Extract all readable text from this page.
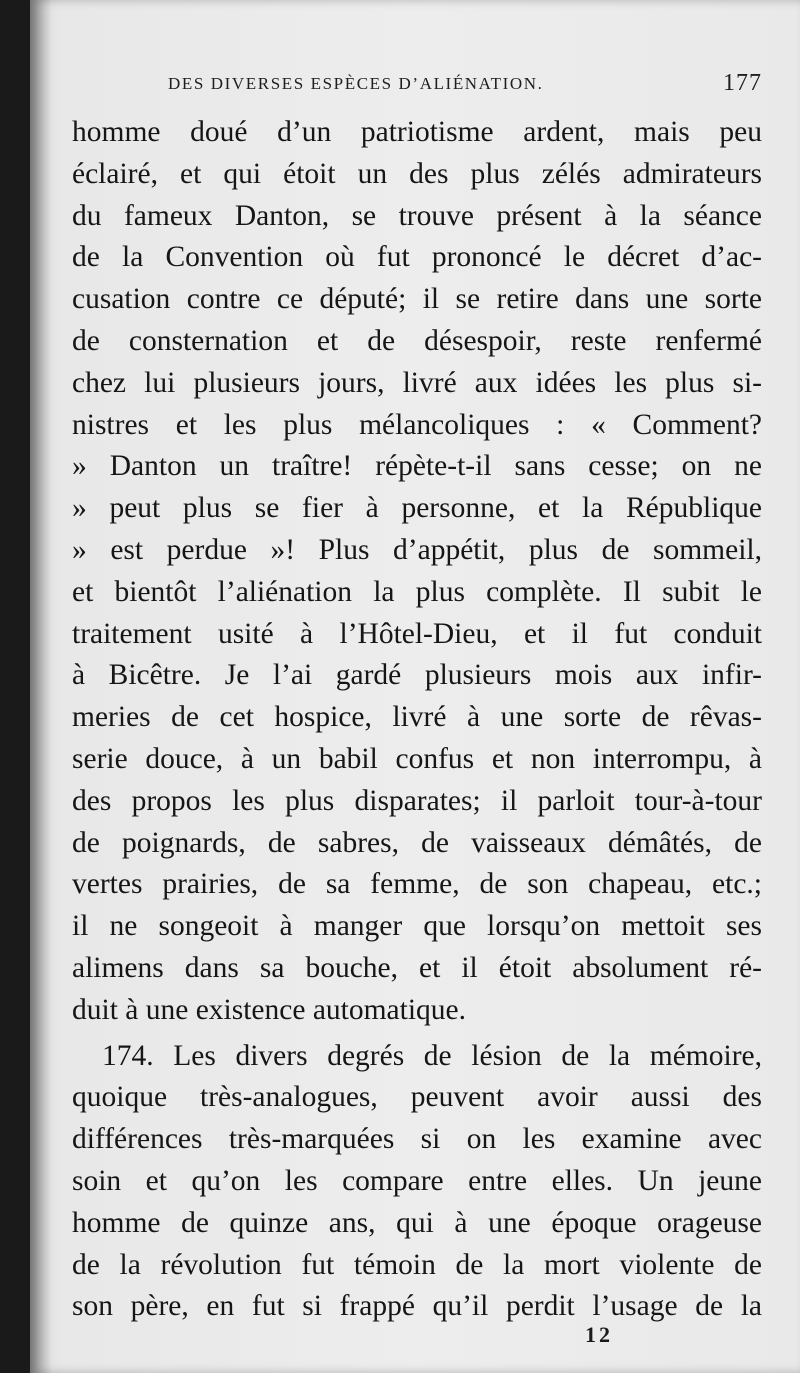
DES DIVERSES ESPÈCES D’ALIÉNATION.	177
homme doué d’un patriotisme ardent, mais peu
éclairé, et qui étoit un des plus zélés admirateurs
du fameux Danton, se trouve présent à la séance
de la Convention où fut prononcé le décret d’ac-
cusation contre ce député; il se retire dans une sorte
de consternation et de désespoir, reste renfermé
chez lui plusieurs jours, livré aux idées les plus si-
nistres et les plus mélancoliques : « Comment?
» Danton un traître! répète-t-il sans cesse; on ne
» peut plus se fier à personne, et la République
» est perdue »! Plus d’appétit, plus de sommeil,
et bientôt l’aliénation la plus complète. Il subit le
traitement usité à l’Hôtel-Dieu, et il fut conduit
à Bicêtre. Je l’ai gardé plusieurs mois aux infir-
meries de cet hospice, livré à une sorte de rêvas-
serie douce, à un babil confus et non interrompu, à
des propos les plus disparates; il parloit tour-à-tour
de poignards, de sabres, de vaisseaux démâtés, de
vertes prairies, de sa femme, de son chapeau, etc.;
il ne songeoit à manger que lorsqu’on mettoit ses
alimens dans sa bouche, et il étoit absolument ré-
duit à une existence automatique.
174. Les divers degrés de lésion de la mémoire,
quoique très-analogues, peuvent avoir aussi des
différences très-marquées si on les examine avec
soin et qu’on les compare entre elles. Un jeune
homme de quinze ans, qui à une époque orageuse
de la révolution fut témoin de la mort violente de
son père, en fut si frappé qu’il perdit l’usage de la
12
